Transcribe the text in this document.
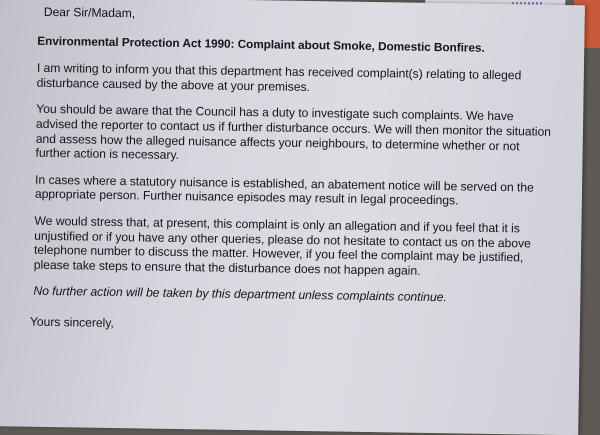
Dear Sir/Madam,

Environmental Protection Act 1990: Complaint about Smoke, Domestic Bonfires.

I am writing to inform you that this department has received complaint(s) relating to alleged disturbance caused by the above at your premises.

You should be aware that the Council has a duty to investigate such complaints. We have advised the reporter to contact us if further disturbance occurs. We will then monitor the situation and assess how the alleged nuisance affects your neighbours, to determine whether or not further action is necessary.

In cases where a statutory nuisance is established, an abatement notice will be served on the appropriate person. Further nuisance episodes may result in legal proceedings.

We would stress that, at present, this complaint is only an allegation and if you feel that it is unjustified or if you have any other queries, please do not hesitate to contact us on the above telephone number to discuss the matter. However, if you feel the complaint may be justified, please take steps to ensure that the disturbance does not happen again.

No further action will be taken by this department unless complaints continue.

Yours sincerely,
